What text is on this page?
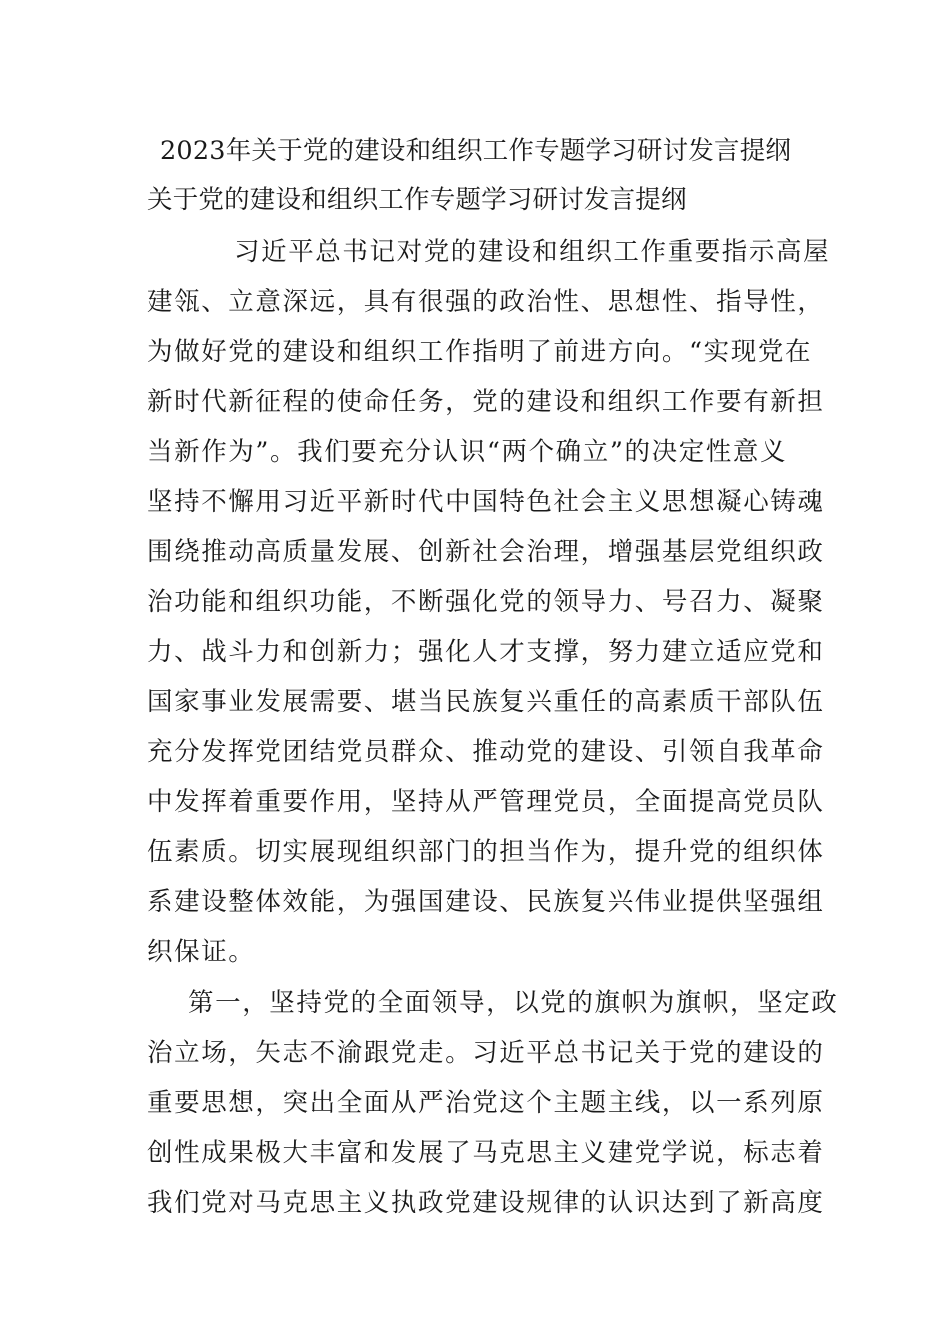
2023年关于党的建设和组织工作专题学习研讨发言提纲
关于党的建设和组织工作专题学习研讨发言提纲
习近平总书记对党的建设和组织工作重要指示高屋
建瓴、立意深远，具有很强的政治性、思想性、指导性，
为做好党的建设和组织工作指明了前进方向。“实现党在
新时代新征程的使命任务，党的建设和组织工作要有新担
当新作为”。我们要充分认识“两个确立”的决定性意义
坚持不懈用习近平新时代中国特色社会主义思想凝心铸魂
围绕推动高质量发展、创新社会治理，增强基层党组织政
治功能和组织功能，不断强化党的领导力、号召力、凝聚
力、战斗力和创新力；强化人才支撑，努力建立适应党和
国家事业发展需要、堪当民族复兴重任的高素质干部队伍
充分发挥党团结党员群众、推动党的建设、引领自我革命
中发挥着重要作用，坚持从严管理党员，全面提高党员队
伍素质。切实展现组织部门的担当作为，提升党的组织体
系建设整体效能，为强国建设、民族复兴伟业提供坚强组
织保证。
第一，坚持党的全面领导，以党的旗帜为旗帜，坚定政
治立场，矢志不渝跟党走。习近平总书记关于党的建设的
重要思想，突出全面从严治党这个主题主线，以一系列原
创性成果极大丰富和发展了马克思主义建党学说，标志着
我们党对马克思主义执政党建设规律的认识达到了新高度
